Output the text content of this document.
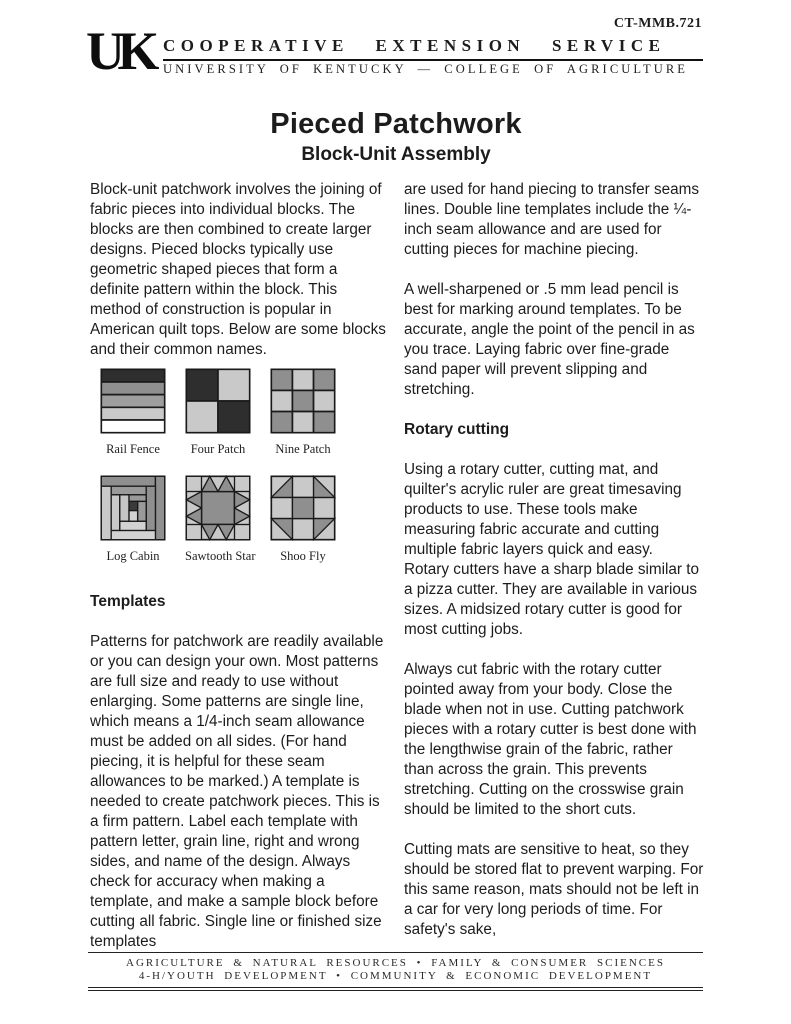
CT-MMB.721
UK COOPERATIVE EXTENSION SERVICE
UNIVERSITY OF KENTUCKY — COLLEGE OF AGRICULTURE
Pieced Patchwork
Block-Unit Assembly

Block-unit patchwork involves the joining of fabric pieces into individual blocks. The blocks are then combined to create larger designs. Pieced blocks typically use geometric shaped pieces that form a definite pattern within the block. This method of construction is popular in American quilt tops. Below are some blocks and their common names.

Rail Fence	Four Patch	Nine Patch
Log Cabin	Sawtooth Star	Shoo Fly
Templates

Patterns for patchwork are readily available or you can design your own. Most patterns are full size and ready to use without enlarging. Some patterns are single line, which means a 1/4-inch seam allowance must be added on all sides. (For hand piecing, it is helpful for these seam allowances to be marked.) A template is needed to create patchwork pieces. This is a firm pattern. Label each template with pattern letter, grain line, right and wrong sides, and name of the design. Always check for accuracy when making a template, and make a sample block before cutting all fabric. Single line or finished size templates

are used for hand piecing to transfer seams lines. Double line templates include the ¼-inch seam allowance and are used for cutting pieces for machine piecing.

A well-sharpened or .5 mm lead pencil is best for marking around templates. To be accurate, angle the point of the pencil in as you trace. Laying fabric over fine-grade sand paper will prevent slipping and stretching.

Rotary cutting

Using a rotary cutter, cutting mat, and quilter's acrylic ruler are great timesaving products to use. These tools make measuring fabric accurate and cutting multiple fabric layers quick and easy.

Rotary cutters have a sharp blade similar to a pizza cutter. They are available in various sizes. A midsized rotary cutter is good for most cutting jobs.

Always cut fabric with the rotary cutter pointed away from your body. Close the blade when not in use. Cutting patchwork pieces with a rotary cutter is best done with the lengthwise grain of the fabric, rather than across the grain. This prevents stretching. Cutting on the crosswise grain should be limited to the short cuts.

Cutting mats are sensitive to heat, so they should be stored flat to prevent warping. For this same reason, mats should not be left in a car for very long periods of time. For safety's sake,

AGRICULTURE & NATURAL RESOURCES • FAMILY & CONSUMER SCIENCES
4-H/YOUTH DEVELOPMENT • COMMUNITY & ECONOMIC DEVELOPMENT
